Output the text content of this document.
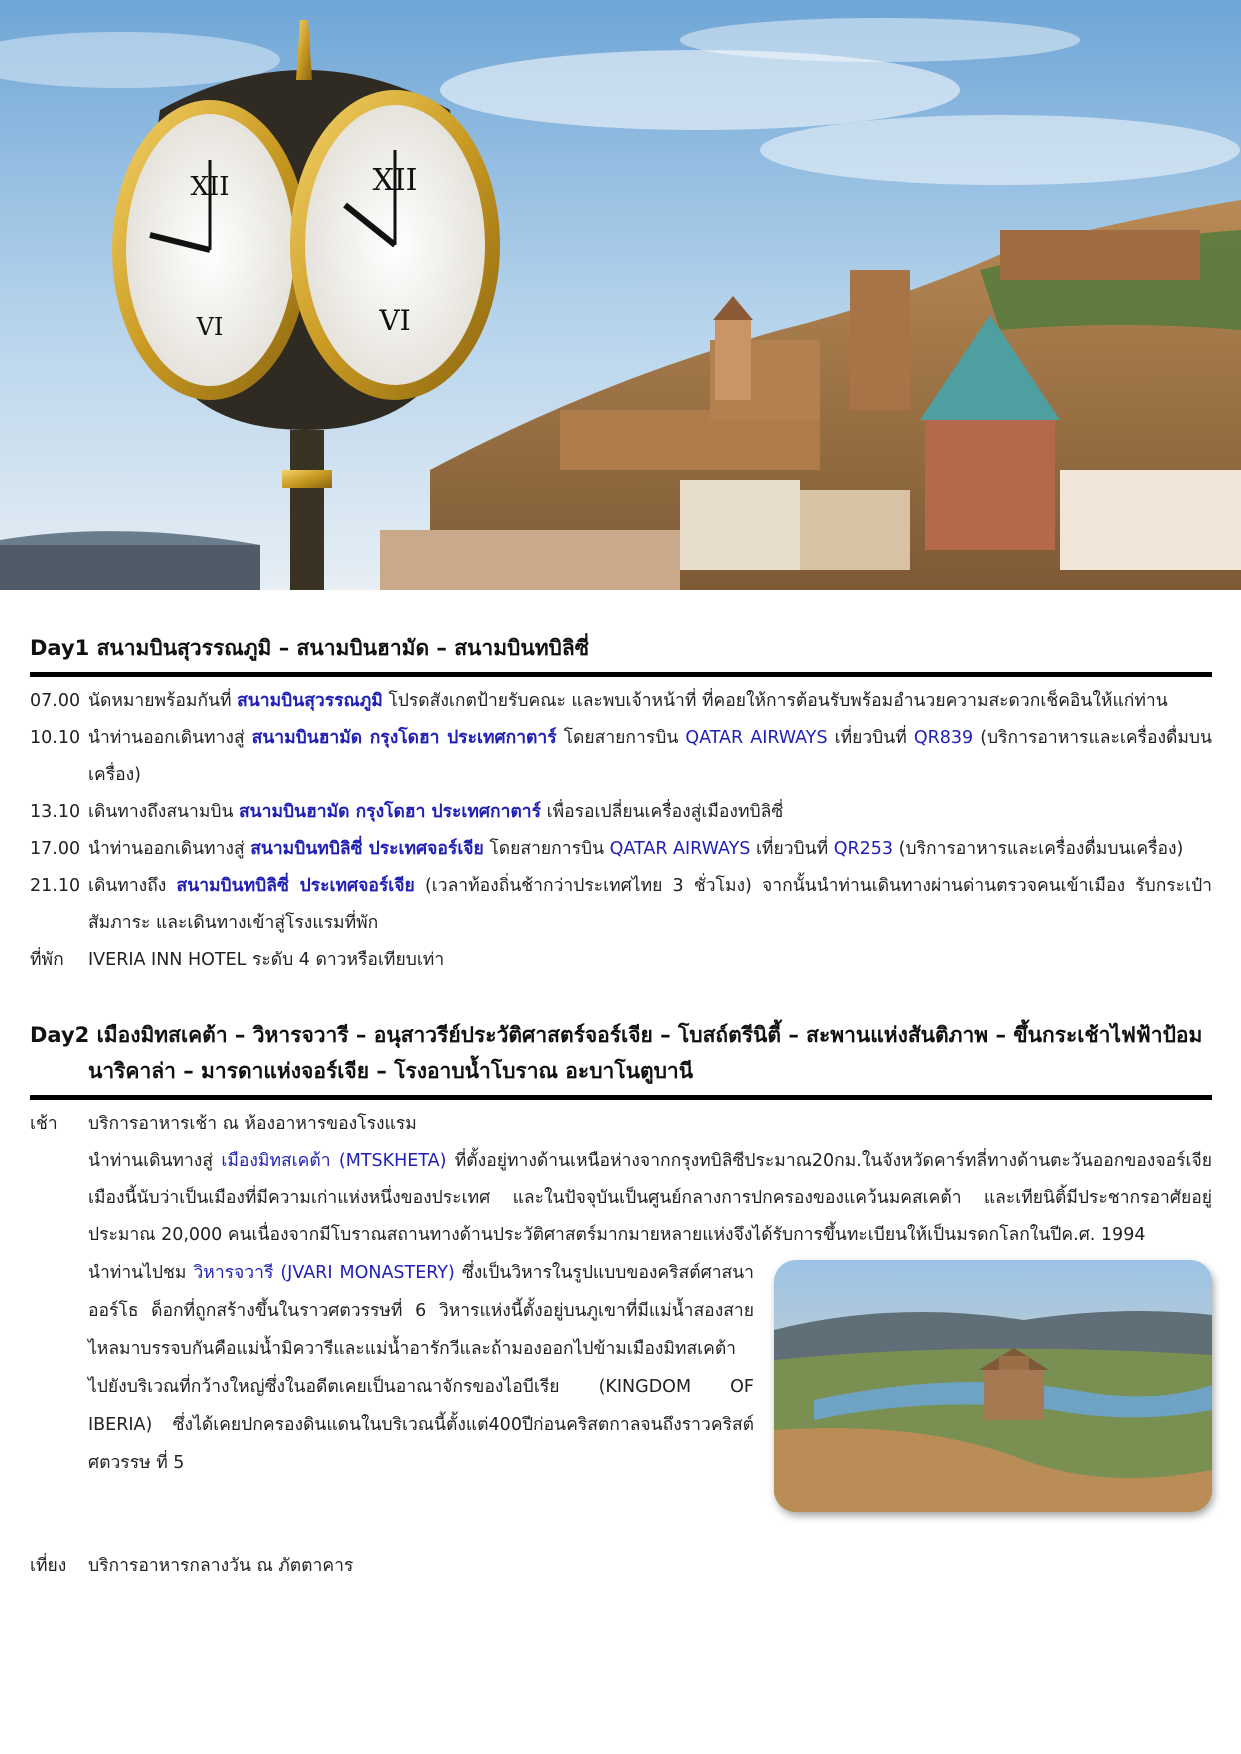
XII
XII
VI
VI
Day1 สนามบินสุวรรณภูมิ – สนามบินฮามัด – สนามบินทบิลิซี่
07.00 นัดหมายพร้อมกันที่ สนามบินสุวรรณภูมิ โปรดสังเกตป้ายรับคณะ และพบเจ้าหน้าที่ ที่คอยให้การต้อนรับพร้อมอำนวยความสะดวกเช็คอินให้แก่ท่าน
10.10 นำท่านออกเดินทางสู่ สนามบินฮามัด กรุงโดฮา ประเทศกาตาร์ โดยสายการบิน QATAR AIRWAYS เที่ยวบินที่ QR839 (บริการอาหารและเครื่องดื่มบนเครื่อง)
13.10 เดินทางถึงสนามบิน สนามบินฮามัด กรุงโดฮา ประเทศกาตาร์ เพื่อรอเปลี่ยนเครื่องสู่เมืองทบิลิซี่
17.00 นำท่านออกเดินทางสู่ สนามบินทบิลิซี่ ประเทศจอร์เจีย โดยสายการบิน QATAR AIRWAYS เที่ยวบินที่ QR253 (บริการอาหารและเครื่องดื่มบนเครื่อง)
21.10 เดินทางถึง สนามบินทบิลิซี่ ประเทศจอร์เจีย (เวลาท้องถิ่นช้ากว่าประเทศไทย 3 ชั่วโมง) จากนั้นนำท่านเดินทางผ่านด่านตรวจคนเข้าเมือง รับกระเป๋าสัมภาระ และเดินทางเข้าสู่โรงแรมที่พัก
ที่พัก	IVERIA INN HOTEL ระดับ 4 ดาวหรือเทียบเท่า
Day2 เมืองมิทสเคต้า – วิหารจวารี – อนุสาวรีย์ประวัติศาสตร์จอร์เจีย – โบสถ์ตรีนิตี้ – สะพานแห่งสันติภาพ – ขึ้นกระเช้าไฟฟ้าป้อม
นาริคาล่า – มารดาแห่งจอร์เจีย – โรงอาบน้ำโบราณ อะบาโนตูบานี
เช้า	บริการอาหารเช้า ณ ห้องอาหารของโรงแรม
นำท่านเดินทางสู่ เมืองมิทสเคต้า (MTSKHETA) ที่ตั้งอยู่ทางด้านเหนือห่างจากกรุงทบิลิซีประมาณ20กม.ในจังหวัดคาร์ทลี่ทางด้านตะวันออกของจอร์เจียเมืองนี้นับว่าเป็นเมืองที่มีความเก่าแห่งหนึ่งของประเทศ และในปัจจุบันเป็นศูนย์กลางการปกครองของแคว้นมคสเคต้า และเทียนิติ้มีประชากรอาศัยอยู่ประมาณ 20,000 คนเนื่องจากมีโบราณสถานทางด้านประวัติศาสตร์มากมายหลายแห่งจึงได้รับการขึ้นทะเบียนให้เป็นมรดกโลกในปีค.ศ. 1994
นำท่านไปชม วิหารจวารี (JVARI MONASTERY) ซึ่งเป็นวิหารในรูปแบบของคริสต์ศาสนาออร์โธ ด็อกที่ถูกสร้างขึ้นในราวศตวรรษที่ 6 วิหารแห่งนี้ตั้งอยู่บนภูเขาที่มีแม่น้ำสองสายไหลมาบรรจบกันคือแม่น้ำมิควารีและแม่น้ำอารักวีและถ้ามองออกไปข้ามเมืองมิทสเคต้าไปยังบริเวณที่กว้างใหญ่ซึ่งในอดีตเคยเป็นอาณาจักรของไอบีเรีย (KINGDOM OF IBERIA) ซึ่งได้เคยปกครองดินแดนในบริเวณนี้ตั้งแต่400ปีก่อนคริสตกาลจนถึงราวคริสต์ศตวรรษ ที่ 5
เที่ยง	บริการอาหารกลางวัน ณ ภัตตาคาร
